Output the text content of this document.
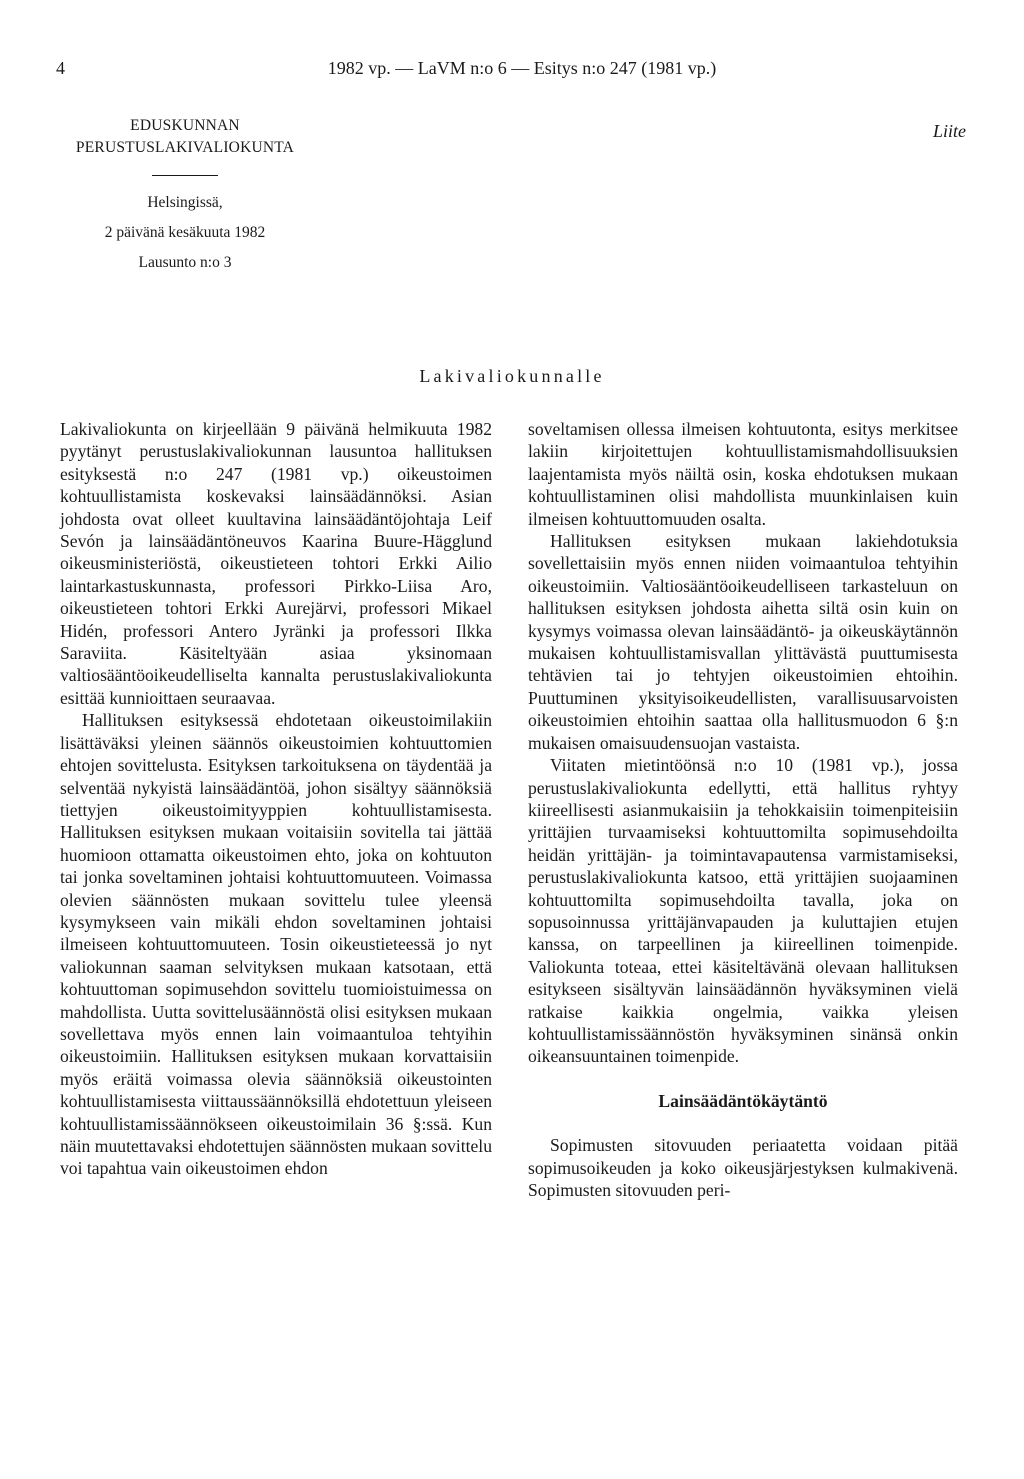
4	1982 vp. — LaVM n:o 6 — Esitys n:o 247 (1981 vp.)
EDUSKUNNAN
PERUSTUSLAKIVALIOKUNTA
Liite
Helsingissä,
2 päivänä kesäkuuta 1982
Lausunto n:o 3
Lakivaliokunnalle

Lakivaliokunta on kirjeellään 9 päivänä helmikuuta 1982 pyytänyt perustuslakivaliokunnan lausuntoa hallituksen esityksestä n:o 247 (1981 vp.) oikeustoimen kohtuullistamista koskevaksi lainsäädännöksi. Asian johdosta ovat olleet kuultavina lainsäädäntöjohtaja Leif Sevón ja lainsäädäntöneuvos Kaarina Buure-Hägglund oikeusministeriöstä, oikeustieteen tohtori Erkki Ailio laintarkastuskunnasta, professori Pirkko-Liisa Aro, oikeustieteen tohtori Erkki Aurejärvi, professori Mikael Hidén, professori Antero Jyränki ja professori Ilkka Saraviita. Käsiteltyään asiaa yksinomaan valtiosääntöoikeudelliselta kannalta perustuslakivaliokunta esittää kunnioittaen seuraavaa.

Hallituksen esityksessä ehdotetaan oikeustoimilakiin lisättäväksi yleinen säännös oikeustoimien kohtuuttomien ehtojen sovittelusta. Esityksen tarkoituksena on täydentää ja selventää nykyistä lainsäädäntöä, johon sisältyy säännöksiä tiettyjen oikeustoimityyppien kohtuullistamisesta. Hallituksen esityksen mukaan voitaisiin sovitella tai jättää huomioon ottamatta oikeustoimen ehto, joka on kohtuuton tai jonka soveltaminen johtaisi kohtuuttomuuteen. Voimassa olevien säännösten mukaan sovittelu tulee yleensä kysymykseen vain mikäli ehdon soveltaminen johtaisi ilmeiseen kohtuuttomuuteen. Tosin oikeustieteessä jo nyt valiokunnan saaman selvityksen mukaan katsotaan, että kohtuuttoman sopimusehdon sovittelu tuomioistuimessa on mahdollista. Uutta sovittelusäännöstä olisi esityksen mukaan sovellettava myös ennen lain voimaantuloa tehtyihin oikeustoimiin. Hallituksen esityksen mukaan korvattaisiin myös eräitä voimassa olevia säännöksiä oikeustointen kohtuullistamisesta viittaussäännöksillä ehdotettuun yleiseen kohtuullistamissäännökseen oikeustoimilain 36 §:ssä. Kun näin muutettavaksi ehdotettujen säännösten mukaan sovittelu voi tapahtua vain oikeustoimen ehdon

soveltamisen ollessa ilmeisen kohtuutonta, esitys merkitsee lakiin kirjoitettujen kohtuullistamismahdollisuuksien laajentamista myös näiltä osin, koska ehdotuksen mukaan kohtuullistaminen olisi mahdollista muunkinlaisen kuin ilmeisen kohtuuttomuuden osalta.

Hallituksen esityksen mukaan lakiehdotuksia sovellettaisiin myös ennen niiden voimaantuloa tehtyihin oikeustoimiin. Valtiosääntöoikeudelliseen tarkasteluun on hallituksen esityksen johdosta aihetta siltä osin kuin on kysymys voimassa olevan lainsäädäntö- ja oikeuskäytännön mukaisen kohtuullistamisvallan ylittävästä puuttumisesta tehtävien tai jo tehtyjen oikeustoimien ehtoihin. Puuttuminen yksityisoikeudellisten, varallisuusarvoisten oikeustoimien ehtoihin saattaa olla hallitusmuodon 6 §:n mukaisen omaisuudensuojan vastaista.

Viitaten mietintöönsä n:o 10 (1981 vp.), jossa perustuslakivaliokunta edellytti, että hallitus ryhtyy kiireellisesti asianmukaisiin ja tehokkaisiin toimenpiteisiin yrittäjien turvaamiseksi kohtuuttomilta sopimusehdoilta heidän yrittäjän- ja toimintavapautensa varmistamiseksi, perustuslakivaliokunta katsoo, että yrittäjien suojaaminen kohtuuttomilta sopimusehdoilta tavalla, joka on sopusoinnussa yrittäjänvapauden ja kuluttajien etujen kanssa, on tarpeellinen ja kiireellinen toimenpide. Valiokunta toteaa, ettei käsiteltävänä olevaan hallituksen esitykseen sisältyvän lainsäädännön hyväksyminen vielä ratkaise kaikkia ongelmia, vaikka yleisen kohtuullistamissäännöstön hyväksyminen sinänsä onkin oikeansuuntainen toimenpide.

Lainsäädäntökäytäntö

Sopimusten sitovuuden periaatetta voidaan pitää sopimusoikeuden ja koko oikeusjärjestyksen kulmakivenä. Sopimusten sitovuuden peri-
